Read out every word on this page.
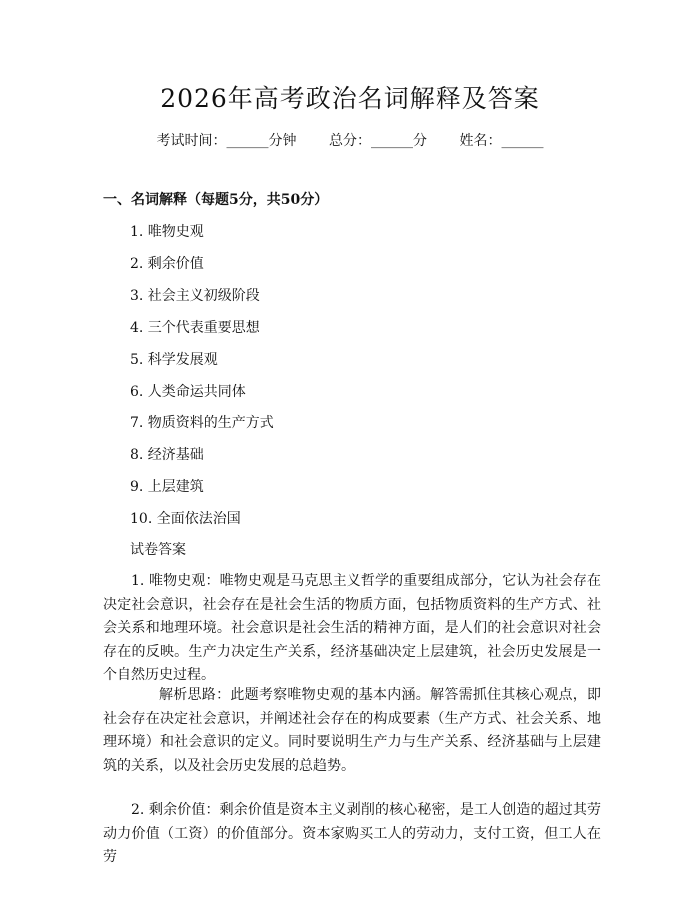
2026年高考政治名词解释及答案
考试时间：______分钟 总分：______分 姓名：______
一、名词解释（每题5分，共50分）
1. 唯物史观
2. 剩余价值
3. 社会主义初级阶段
4. 三个代表重要思想
5. 科学发展观
6. 人类命运共同体
7. 物质资料的生产方式
8. 经济基础
9. 上层建筑
10. 全面依法治国
试卷答案
1. 唯物史观：唯物史观是马克思主义哲学的重要组成部分，它认为社会存在决定社会意识，社会存在是社会生活的物质方面，包括物质资料的生产方式、社会关系和地理环境。社会意识是社会生活的精神方面，是人们的社会意识对社会存在的反映。生产力决定生产关系，经济基础决定上层建筑，社会历史发展是一个自然历史过程。
解析思路：此题考察唯物史观的基本内涵。解答需抓住其核心观点，即社会存在决定社会意识，并阐述社会存在的构成要素（生产方式、社会关系、地理环境）和社会意识的定义。同时要说明生产力与生产关系、经济基础与上层建筑的关系，以及社会历史发展的总趋势。
2. 剩余价值：剩余价值是资本主义剥削的核心秘密，是工人创造的超过其劳动力价值（工资）的价值部分。资本家购买工人的劳动力，支付工资，但工人在劳
